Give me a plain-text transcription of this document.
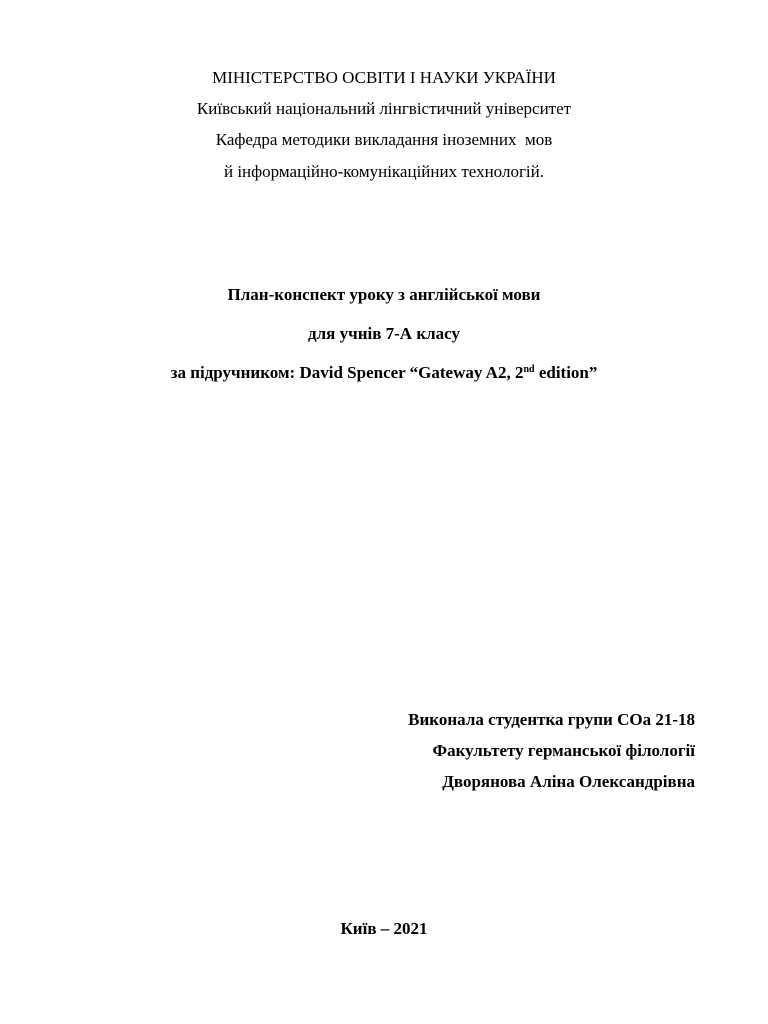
МІНІСТЕРСТВО ОСВІТИ І НАУКИ УКРАЇНИ
Київський національний лінгвістичний університет
Кафедра методики викладання іноземних  мов
й інформаційно-комунікаційних технологій.
План-конспект уроку з англійської мови
для учнів 7-А класу
за підручником: David Spencer “Gateway A2, 2nd edition”
Виконала студентка групи СОа 21-18
Факультету германської філології
Дворянова Аліна Олександрівна
Київ – 2021
